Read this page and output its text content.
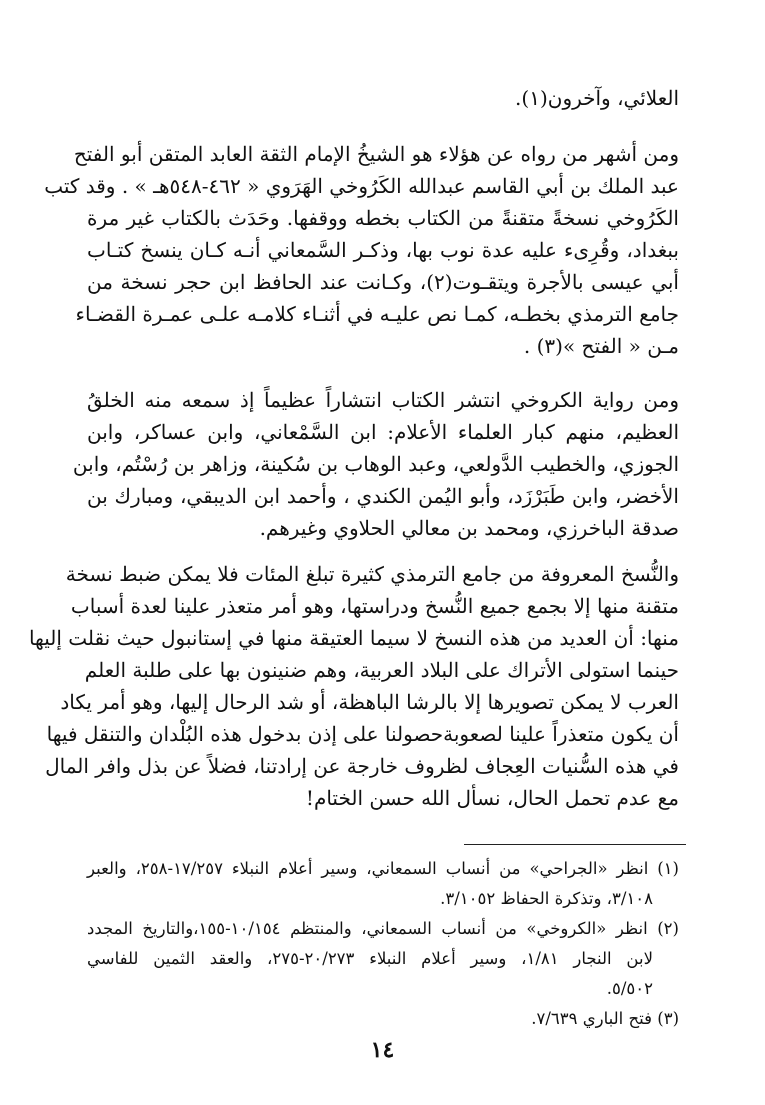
العلائي، وآخرون(١).
ومن أشهر من رواه عن هؤلاء هو الشيخُ الإمام الثقة العابد المتقن أبو الفتح
عبد الملك بن أبي القاسم عبدالله الكَرُوخي الهَرَوي « ٤٦٢-٥٤٨هـ » . وقد كتب
الكَرُوخي نسخةً متقنةً من الكتاب بخطه ووقفها. وحَدَث بالكتاب غير مرة
ببغداد، وقُرِىء عليه عدة نوب بها، وذكـر السَّمعاني أنـه كـان ينسخ كتـاب
أبي عيسى بالأجرة ويتقـوت(٢)، وكـانت عند الحافظ ابن حجر نسخة من
جامع الترمذي بخطـه، كمـا نص عليـه في أثنـاء كلامـه علـى عمـرة القضـاء
مـن « الفتح »(٣) .
ومن رواية الكروخي انتشر الكتاب انتشاراً عظيماً إذ سمعه منه الخلقُ
العظيم، منهم كبار العلماء الأعلام: ابن السَّمْعاني، وابن عساكر، وابن
الجوزي، والخطيب الدَّولعي، وعبد الوهاب بن سُكينة، وزاهر بن رُسْتُم، وابن
الأخضر، وابن طَبَرْزَد، وأبو اليُمن الكندي ، وأحمد ابن الديبقي، ومبارك بن
صدقة الباخرزي، ومحمد بن معالي الحلاوي وغيرهم.
والنُّسخ المعروفة من جامع الترمذي كثيرة تبلغ المئات فلا يمكن ضبط نسخة
متقنة منها إلا بجمع جميع النُّسخ ودراستها، وهو أمر متعذر علينا لعدة أسباب
منها: أن العديد من هذه النسخ لا سيما العتيقة منها في إستانبول حيث نقلت إليها
حينما استولى الأتراك على البلاد العربية، وهم ضنينون بها على طلبة العلم
العرب لا يمكن تصويرها إلا بالرشا الباهظة، أو شد الرحال إليها، وهو أمر يكاد
أن يكون متعذراً علينا لصعوبةحصولنا على إذن بدخول هذه البُلْدان والتنقل فيها
في هذه السُّنيات العِجاف لظروف خارجة عن إرادتنا، فضلاً عن بذل وافر المال
مع عدم تحمل الحال، نسأل الله حسن الختام!
(١) انظر «الجراحي» من أنساب السمعاني، وسير أعلام النبلاء ١٧/٢٥٧-٢٥٨، والعبر
٣/١٠٨، وتذكرة الحفاظ ٣/١٠٥٢.
(٢) انظر «الكروخي» من أنساب السمعاني، والمنتظم ١٠/١٥٤-١٥٥،والتاريخ المجدد
لابن النجار ١/٨١، وسير أعلام النبلاء ٢٠/٢٧٣-٢٧٥، والعقد الثمين للفاسي
٥/٥٠٢.
(٣) فتح الباري ٧/٦٣٩.
١٤
